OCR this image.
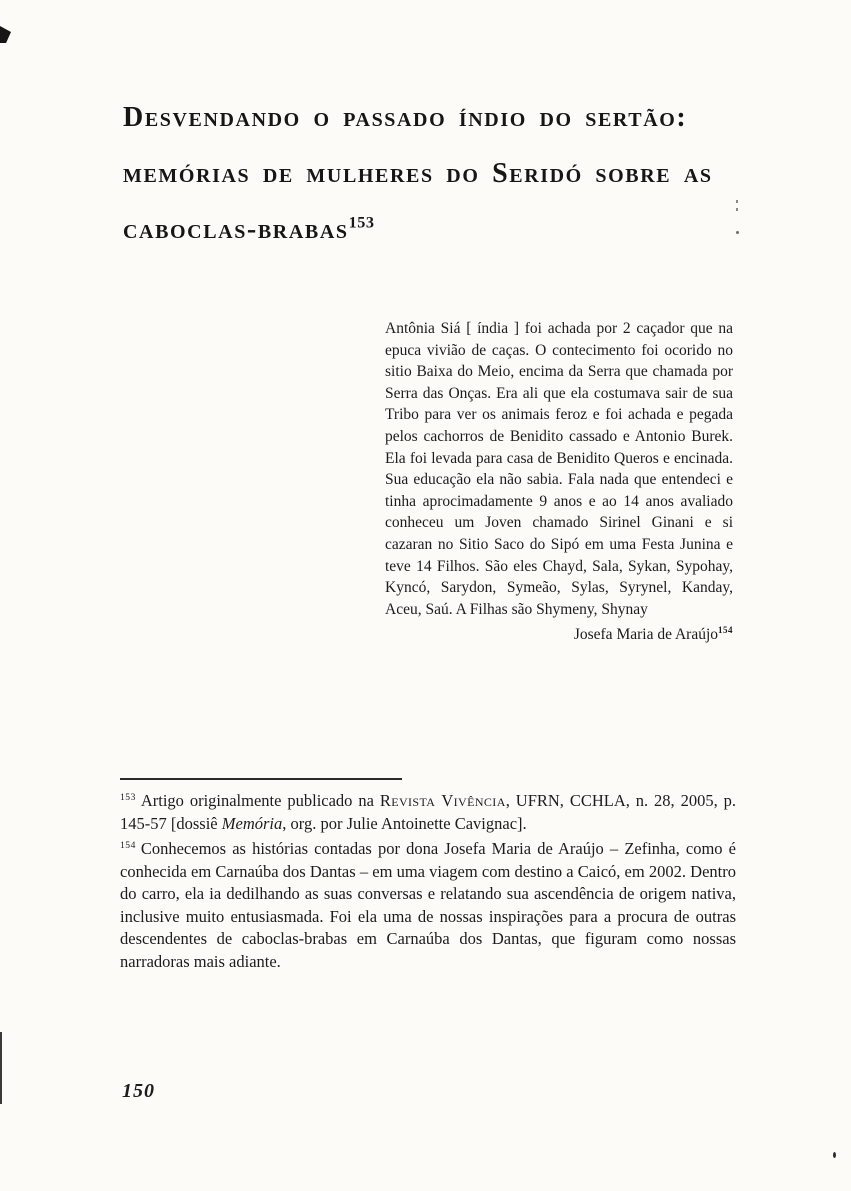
Desvendando o passado índio do sertão:
memórias de mulheres do Seridó sobre as
caboclas-brabas$^{153}$

Antônia Siá [ índia ] foi achada por 2 caçador que na epuca vivião de caças. O contecimento foi ocorido no sitio Baixa do Meio, encima da Serra que chamada por Serra das Onças. Era ali que ela costumava sair de sua Tribo para ver os animais feroz e foi achada e pegada pelos cachorros de Benidito cassado e Antonio Burek. Ela foi levada para casa de Benidito Queros e encinada. Sua educação ela não sabia. Fala nada que entendeci e tinha aprocimadamente 9 anos e ao 14 anos avaliado conheceu um Joven chamado Sirinel Ginani e si cazaran no Sitio Saco do Sipó em uma Festa Junina e teve 14 Filhos. São eles Chayd, Sala, Sykan, Sypohay, Kyncó, Sarydon, Symeão, Sylas, Syrynel, Kanday, Aceu, Saú. A Filhas são Shymeny, Shynay

Josefa Maria de Araújo$^{154}$

$^{153}$ Artigo originalmente publicado na Revista Vivência, UFRN, CCHLA, n. 28, 2005, p. 145-57 [dossiê Memória, org. por Julie Antoinette Cavignac].

$^{154}$ Conhecemos as histórias contadas por dona Josefa Maria de Araújo – Zefinha, como é conhecida em Carnaúba dos Dantas – em uma viagem com destino a Caicó, em 2002. Dentro do carro, ela ia dedilhando as suas conversas e relatando sua ascendência de origem nativa, inclusive muito entusiasmada. Foi ela uma de nossas inspirações para a procura de outras descendentes de caboclas-brabas em Carnaúba dos Dantas, que figuram como nossas narradoras mais adiante.

150
